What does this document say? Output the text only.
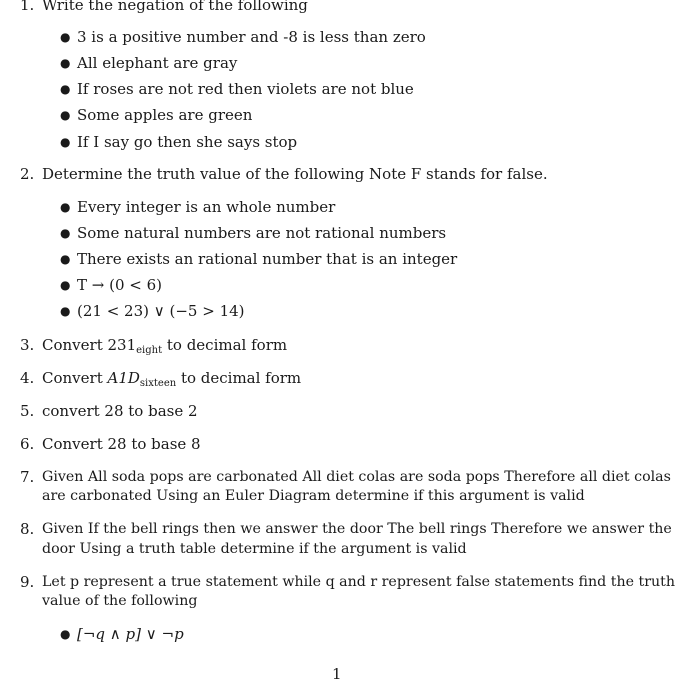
1. Write the negation of the following
● 3 is a positive number and -8 is less than zero
● All elephant are gray
● If roses are not red then violets are not blue
● Some apples are green
● If I say go then she says stop
2. Determine the truth value of the following Note F stands for false.
● Every integer is an whole number
● Some natural numbers are not rational numbers
● There exists an rational number that is an integer
● T → (0 < 6)
● (21 < 23) ∨ (−5 > 14)
3. Convert $231_{eight}$ to decimal form
4. Convert $A1D_{sixteen}$ to decimal form
5. convert 28 to base 2
6. Convert 28 to base 8
7. Given All soda pops are carbonated All diet colas are soda pops Therefore all diet colas
are carbonated Using an Euler Diagram determine if this argument is valid
8. Given If the bell rings then we answer the door The bell rings Therefore we answer the
door Using a truth table determine if the argument is valid
9. Let p represent a true statement while q and r represent false statements find the truth
value of the following
● [¬q ∧ p] ∨ ¬p
1
